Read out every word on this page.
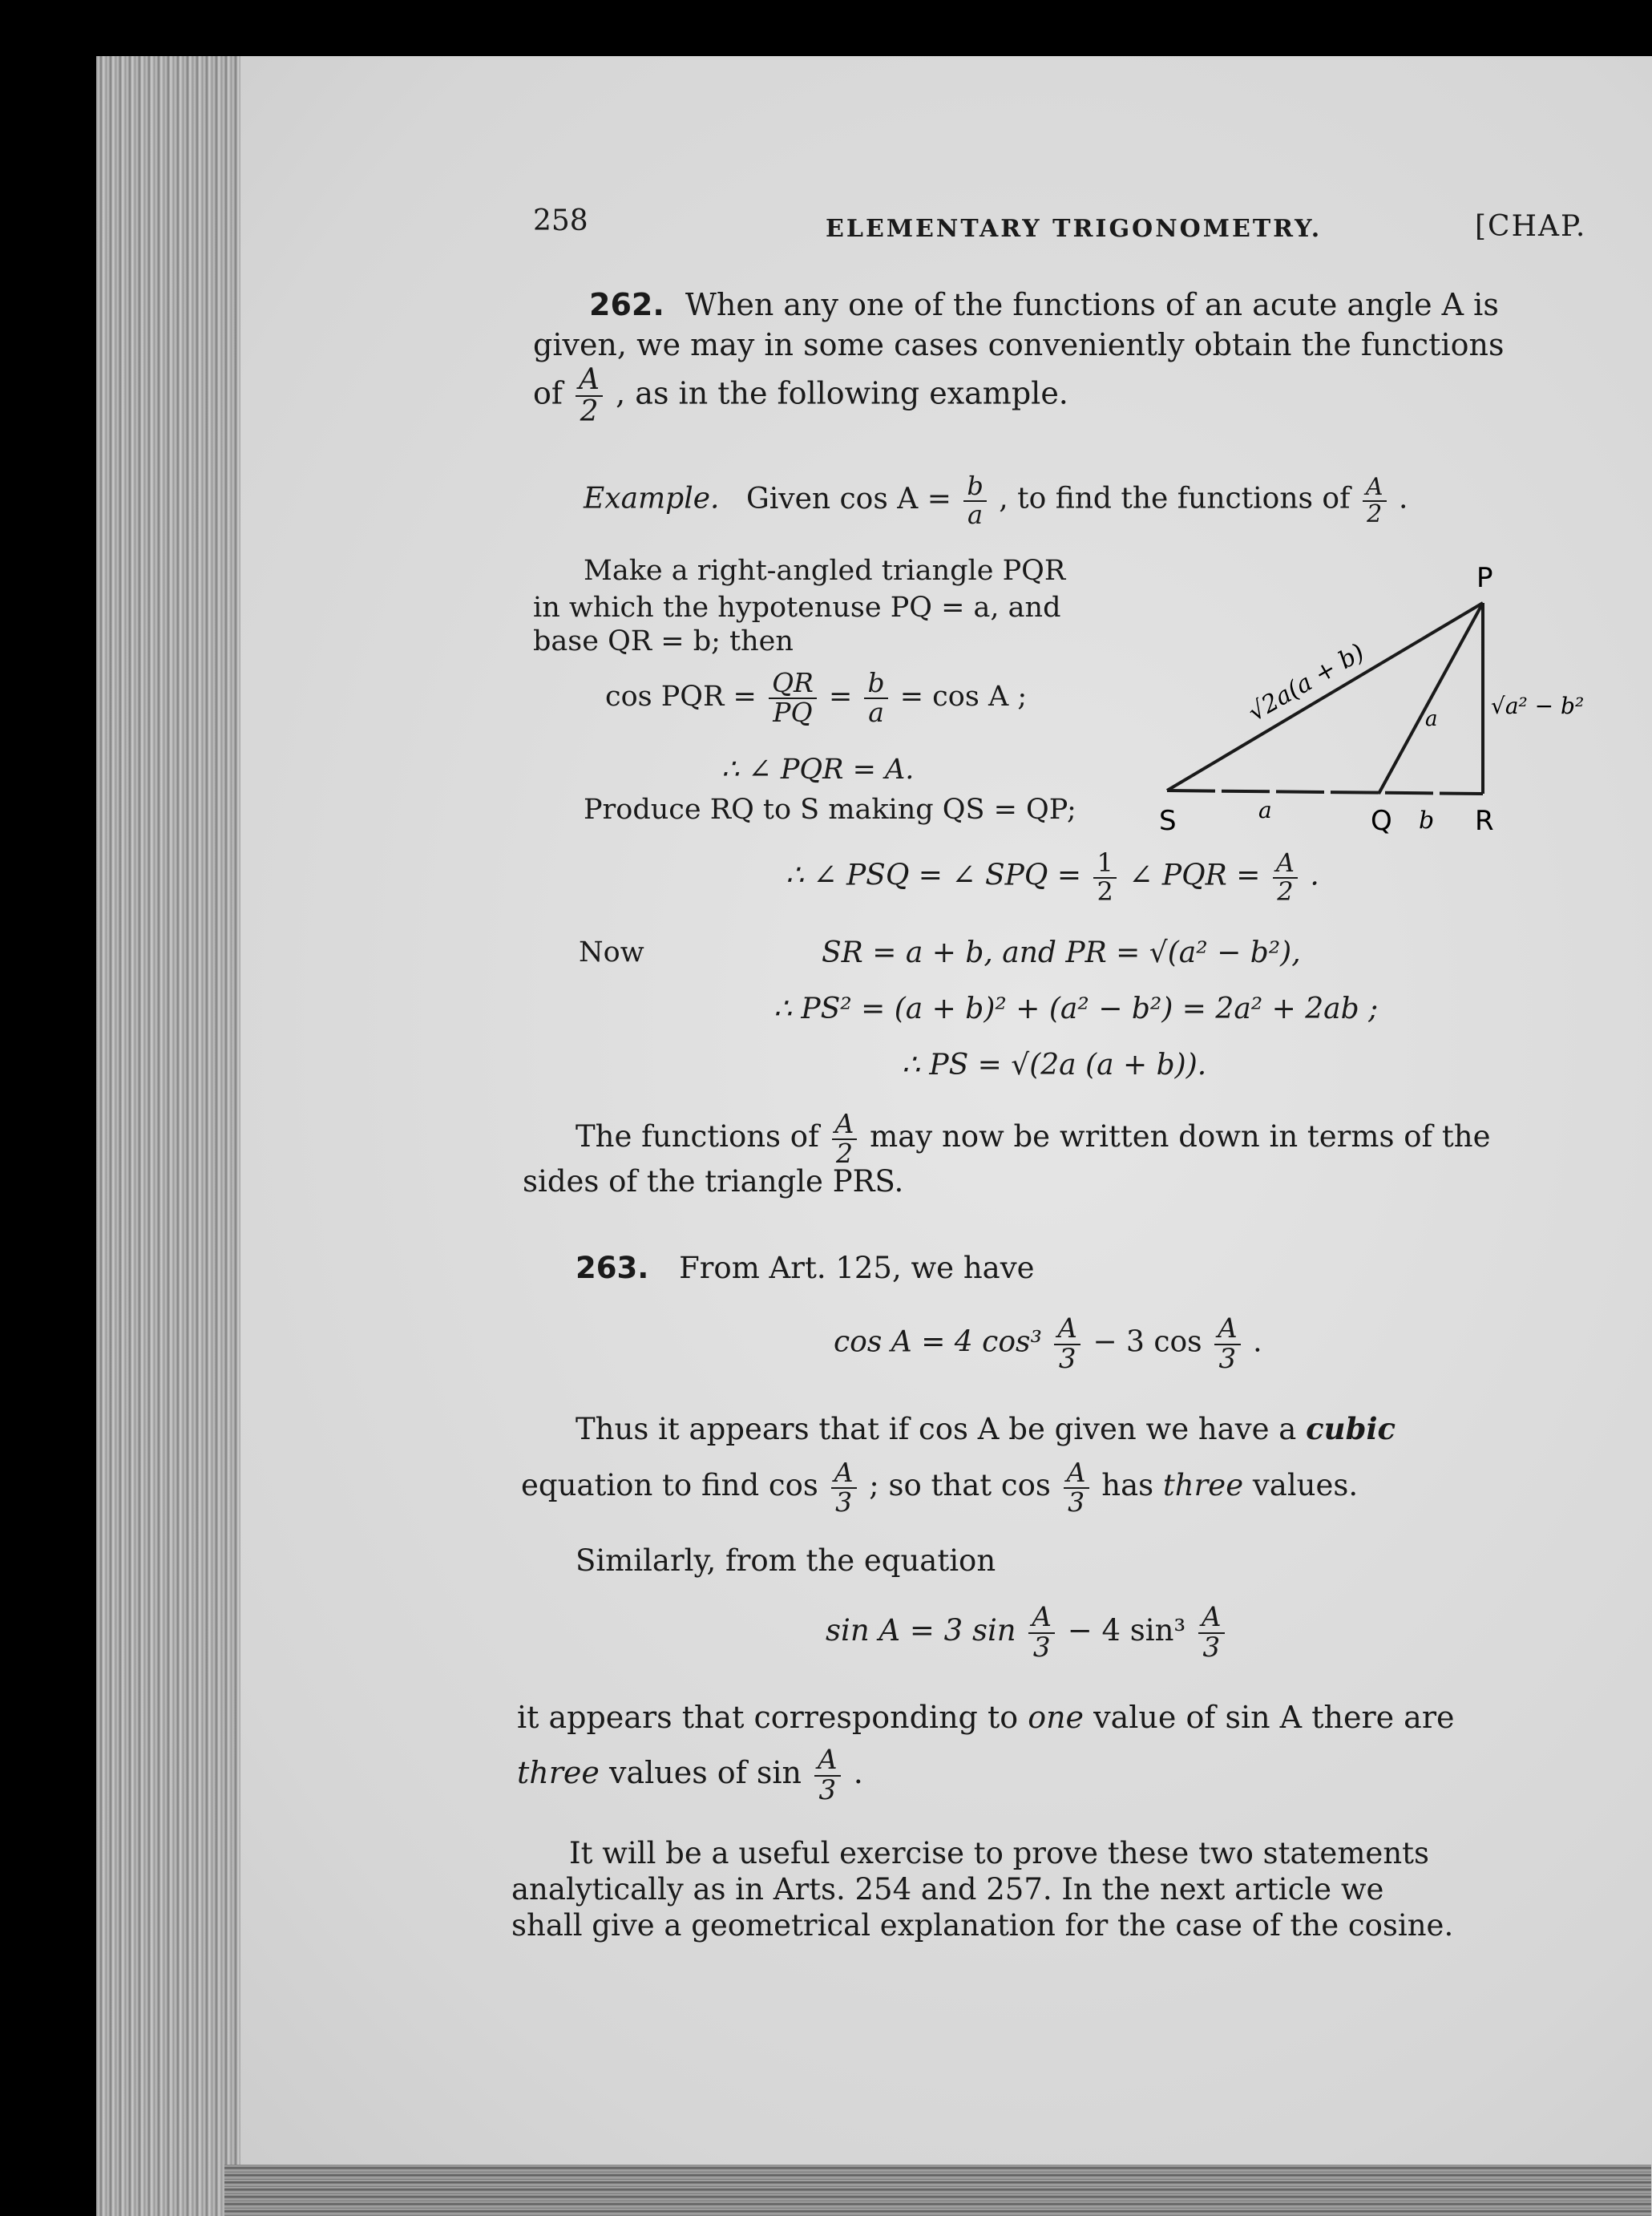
258	ELEMENTARY TRIGONOMETRY.	[CHAP.
262. When any one of the functions of an acute angle A is
given, we may in some cases conveniently obtain the functions
of $\frac{A}{2}$ , as in the following example.
Example. Given $\cos A = \frac{b}{a}$ , to find the functions of $\frac{A}{2}$ .
Make a right-angled triangle PQR
in which the hypotenuse PQ = a, and
base QR = b; then
cos PQR = $\frac{QR}{PQ} = \frac{b}{a} = \cos A$ ;
∴ ∠ PQR = A.
Produce RQ to S making QS = QP;
∴ ∠ PSQ = ∠ SPQ = $\frac{1}{2}$ ∠ PQR = $\frac{A}{2}$ .
Now	SR = a + b, and PR = √(a² − b²),
∴ PS² = (a + b)² + (a² − b²) = 2a² + 2ab ;
∴ PS = √(2a (a + b)).
The functions of $\frac{A}{2}$ may now be written down in terms of the
sides of the triangle PRS.
P
S	Q	R
a	b
a
√2a(a + b)	√a² − b²
263. From Art. 125, we have
cos A = 4 $\cos^3 \frac{A}{3} - 3$ $\cos \frac{A}{3}$ .
Thus it appears that if cos A be given we have a cubic
equation to find $\cos \frac{A}{3}$ ; so that $\cos \frac{A}{3}$ has three values.
Similarly, from the equation
sin A = 3 $\sin \frac{A}{3} - 4$ $\sin^3 \frac{A}{3}$
it appears that corresponding to one value of sin A there are
three values of $\sin \frac{A}{3}$ .
It will be a useful exercise to prove these two statements
analytically as in Arts. 254 and 257. In the next article we
shall give a geometrical explanation for the case of the cosine.
